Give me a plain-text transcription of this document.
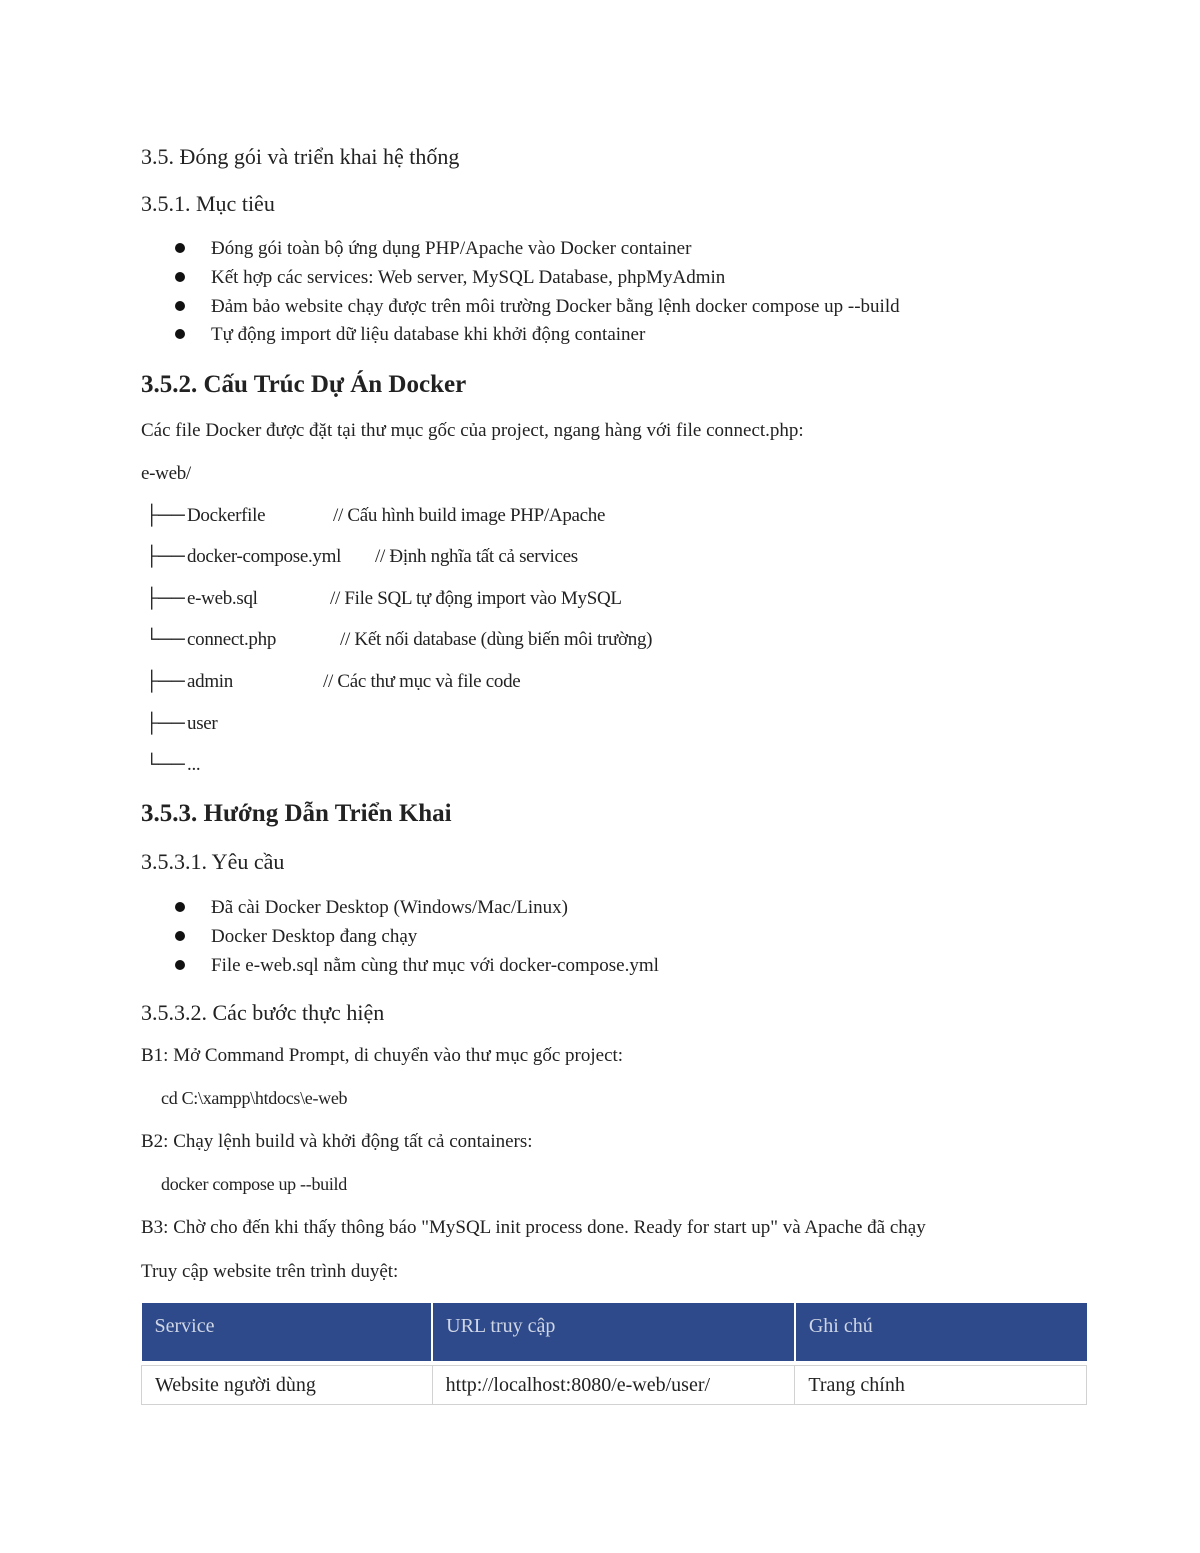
3.5. Đóng gói và triển khai hệ thống
3.5.1. Mục tiêu
Đóng gói toàn bộ ứng dụng PHP/Apache vào Docker container
Kết hợp các services: Web server, MySQL Database, phpMyAdmin
Đảm bảo website chạy được trên môi trường Docker bằng lệnh docker compose up --build
Tự động import dữ liệu database khi khởi động container
3.5.2. Cấu Trúc Dự Án Docker
Các file Docker được đặt tại thư mục gốc của project, ngang hàng với file connect.php:
e-web/
├── Dockerfile	// Cấu hình build image PHP/Apache
├── docker-compose.yml // Định nghĩa tất cả services
├── e-web.sql	// File SQL tự động import vào MySQL
└── connect.php	// Kết nối database (dùng biến môi trường)
├── admin	// Các thư mục và file code
├── user
└── ...
3.5.3. Hướng Dẫn Triển Khai
3.5.3.1. Yêu cầu
Đã cài Docker Desktop (Windows/Mac/Linux)
Docker Desktop đang chạy
File e-web.sql nằm cùng thư mục với docker-compose.yml
3.5.3.2. Các bước thực hiện
B1: Mở Command Prompt, di chuyển vào thư mục gốc project:
cd C:\xampp\htdocs\e-web
B2: Chạy lệnh build và khởi động tất cả containers:
docker compose up --build
B3: Chờ cho đến khi thấy thông báo "MySQL init process done. Ready for start up" và Apache đã chạy
Truy cập website trên trình duyệt:
Service	URL truy cập	Ghi chú

Website người dùng	http://localhost:8080/e-web/user/	Trang chính
